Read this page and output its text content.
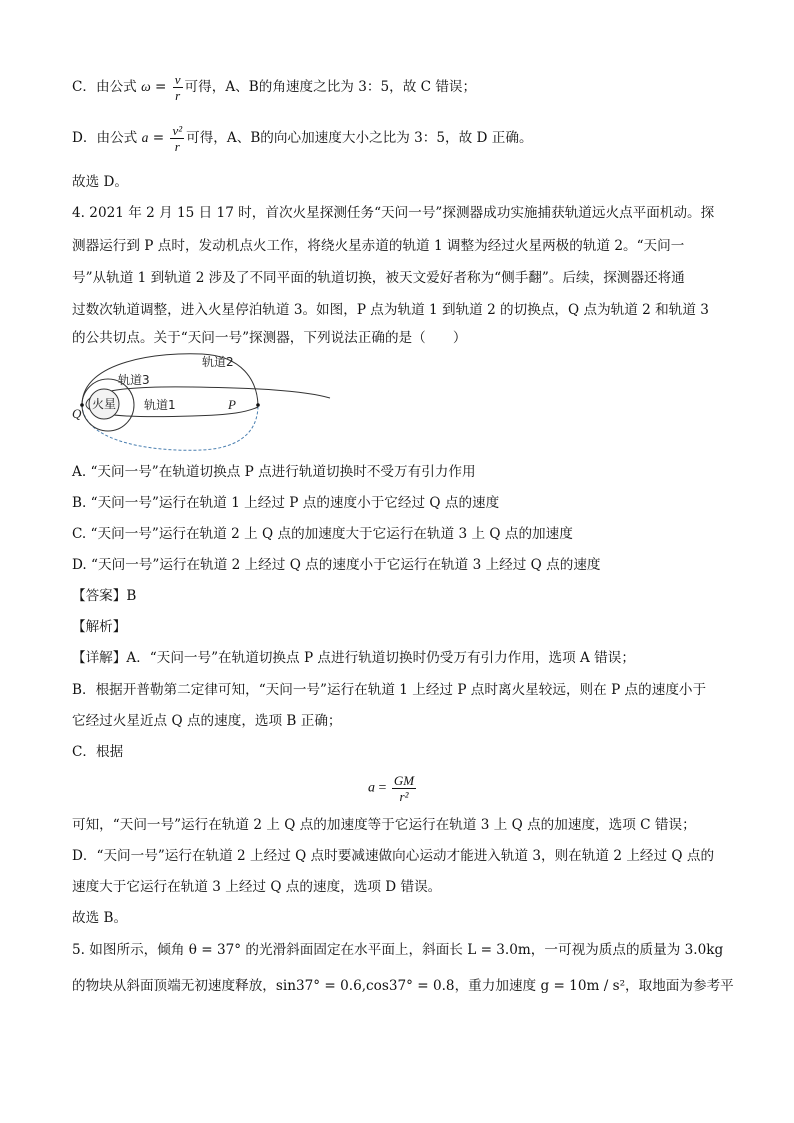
C．由公式 $\omega = \frac{v}{r}$ 可得，A、B的角速度之比为 3：5，故 C 错误；
D．由公式 $a = \frac{\text{v²}}{r}$ 可得，A、B的向心加速度大小之比为 3：5，故 D 正确。
故选 D。
4. 2021 年 2 月 15 日 17 时，首次火星探测任务“天问一号”探测器成功实施捕获轨道远火点平面机动。探
测器运行到 P 点时，发动机点火工作，将绕火星赤道的轨道 1 调整为经过火星两极的轨道 2。“天问一
号”从轨道 1 到轨道 2 涉及了不同平面的轨道切换，被天文爱好者称为“侧手翻”。后续，探测器还将通
过数次轨道调整，进入火星停泊轨道 3。如图，P 点为轨道 1 到轨道 2 的切换点，Q 点为轨道 2 和轨道 3
的公共切点。关于“天问一号”探测器，下列说法正确的是（　　）
轨道2
轨道3
火星 轨道1	P
Q
A. “天问一号”在轨道切换点 P 点进行轨道切换时不受万有引力作用
B. “天问一号”运行在轨道 1 上经过 P 点的速度小于它经过 Q 点的速度
C. “天问一号”运行在轨道 2 上 Q 点的加速度大于它运行在轨道 3 上 Q 点的加速度
D. “天问一号”运行在轨道 2 上经过 Q 点的速度小于它运行在轨道 3 上经过 Q 点的速度
【答案】B
【解析】
【详解】A．“天问一号”在轨道切换点 P 点进行轨道切换时仍受万有引力作用，选项 A 错误；
B．根据开普勒第二定律可知，“天问一号”运行在轨道 1 上经过 P 点时离火星较远，则在 P 点的速度小于
它经过火星近点 Q 点的速度，选项 B 正确；
C．根据
$a = \frac{GM}{\text{r²}}$
可知，“天问一号”运行在轨道 2 上 Q 点的加速度等于它运行在轨道 3 上 Q 点的加速度，选项 C 错误；
D．“天问一号”运行在轨道 2 上经过 Q 点时要减速做向心运动才能进入轨道 3，则在轨道 2 上经过 Q 点的
速度大于它运行在轨道 3 上经过 Q 点的速度，选项 D 错误。
故选 B。
5. 如图所示，倾角 θ = 37° 的光滑斜面固定在水平面上，斜面长 L = 3.0m，一可视为质点的质量为 3.0kg
的物块从斜面顶端无初速度释放，sin37° = 0.6,cos37° = 0.8，重力加速度 g = 10m / s²，取地面为参考平
